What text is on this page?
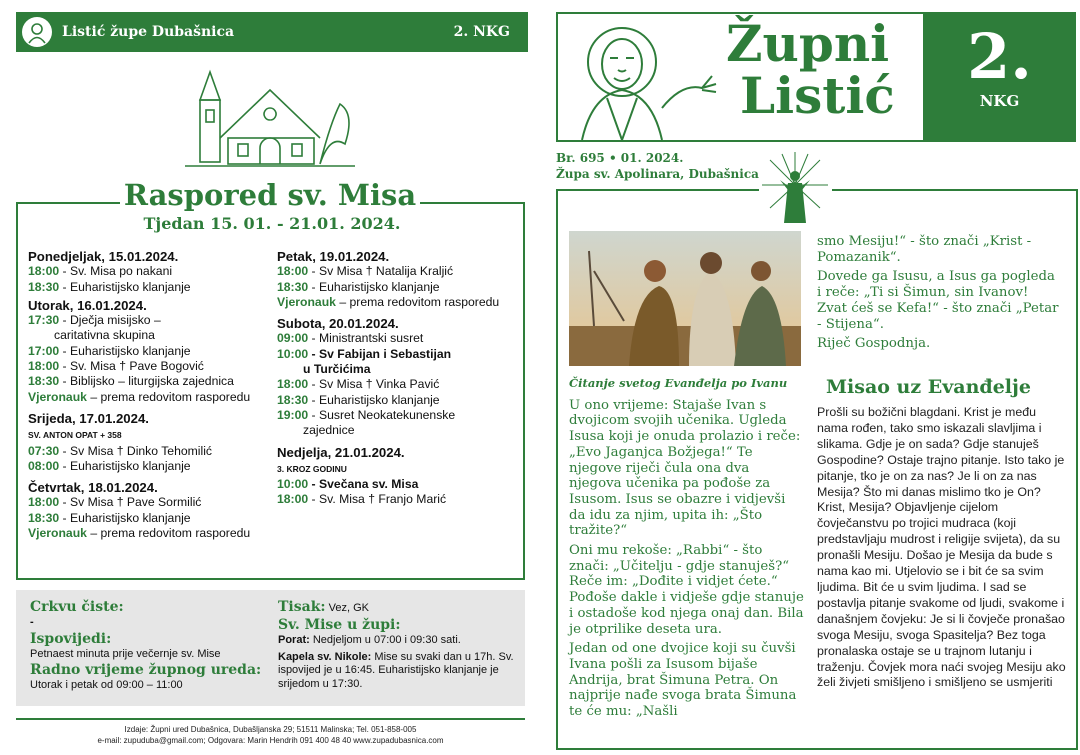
Listić župe Dubašnica	2. NKG
Raspored sv. Misa
Tjedan 15. 01. - 21.01. 2024.
Ponedjeljak, 15.01.2024.
18:00 - Sv. Misa po nakani
18:30 - Euharistijsko klanjanje
Utorak, 16.01.2024.
17:30 - Dječja misijsko –
caritativna skupina
17:00 - Euharistijsko klanjanje
18:00 - Sv. Misa † Pave Bogović
18:30 - Biblijsko – liturgijska zajednica
Vjeronauk – prema redovitom rasporedu
Srijeda, 17.01.2024.
SV. ANTON OPAT + 358
07:30 - Sv Misa † Dinko Tehomilić
08:00 - Euharistijsko klanjanje
Četvrtak, 18.01.2024.
18:00 - Sv Misa † Pave Sormilić
18:30 - Euharistijsko klanjanje
Vjeronauk – prema redovitom rasporedu
Petak, 19.01.2024.
18:00 - Sv Misa † Natalija Kraljić
18:30 - Euharistijsko klanjanje
Vjeronauk – prema redovitom rasporedu
Subota, 20.01.2024.
09:00 - Ministrantski susret
10:00 - Sv Fabijan i Sebastijan
u Turčićima
18:00 - Sv Misa † Vinka Pavić
18:30 - Euharistijsko klanjanje
19:00 - Susret Neokatekunenske
zajednice
Nedjelja, 21.01.2024.
3. KROZ GODINU
10:00 - Svečana sv. Misa
18:00 - Sv. Misa † Franjo Marić
Crkvu čiste:
-
Ispovijedi:
Petnaest minuta prije večernje sv. Mise
Radno vrijeme župnog ureda:
Utorak i petak od 09:00 – 11:00
Tisak: Vez, GK
Sv. Mise u župi:
Porat: Nedjeljom u 07:00 i 09:30 sati.
Kapela sv. Nikole: Mise su svaki dan u 17h. Sv. ispovijed je u 16:45. Euharistijsko klanjanje je srijedom u 17:30.
Izdaje: Župni ured Dubašnica, Dubašljanska 29; 51511 Malinska; Tel. 051-858-005
e-mail: zupuduba@gmail.com; Odgovara: Marin Hendrih 091 400 48 40 www.zupadubasnica.com
Župni
Listić
2.
NKG
Br. 695 • 01. 2024.
Župa sv. Apolinara, Dubašnica
Čitanje svetog Evanđelja po Ivanu

U ono vrijeme: Stajaše Ivan s dvojicom svojih učenika. Ugleda Isusa koji je onuda prolazio i reče: „Evo Jaganjca Božjega!“ Te njegove riječi čula ona dva njegova učenika pa pođoše za Isusom. Isus se obazre i vidjevši da idu za njim, upita ih: „Što tražite?“

Oni mu rekoše: „Rabbi“ - što znači: „Učitelju - gdje stanuješ?“ Reče im: „Dođite i vidjet ćete.“ Pođoše dakle i vidješe gdje stanuje i ostadoše kod njega onaj dan. Bila je otprilike deseta ura.

Jedan od one dvojice koji su čuvši Ivana pošli za Isusom bijaše Andrija, brat Šimuna Petra. On najprije nađe svoga brata Šimuna te će mu: „Našli

smo Mesiju!“ - što znači „Krist - Pomazanik“.

Dovede ga Isusu, a Isus ga pogleda i reče: „Ti si Šimun, sin Ivanov! Zvat ćeš se Kefa!“ - što znači „Petar - Stijena“.

Riječ Gospodnja.

Misao uz Evanđelje
Prošli su božični blagdani. Krist je među nama rođen, tako smo iskazali slavljima i slikama. Gdje je on sada? Gdje stanuješ Gospodine? Ostaje trajno pitanje. Isto tako je pitanje, tko je on za nas? Je li on za nas Mesija? Što mi danas mislimo tko je On? Krist, Mesija? Objavljenje cijelom čovječanstvu po trojici mudraca (koji predstavljaju mudrost i religije svijeta), da su pronašli Mesiju. Došao je Mesija da bude s nama kao mi. Utjelovio se i bit će sa svim ljudima. Bit će u svim ljudima. I sad se postavlja pitanje svakome od ljudi, svakome i današnjem čovjeku: Je si li čovječe pronašao svoga Mesiju, svoga Spasitelja? Bez toga pronalaska ostaje se u trajnom lutanju i traženju. Čovjek mora naći svojeg Mesiju ako želi živjeti smišljeno i smišljeno se usmjeriti
